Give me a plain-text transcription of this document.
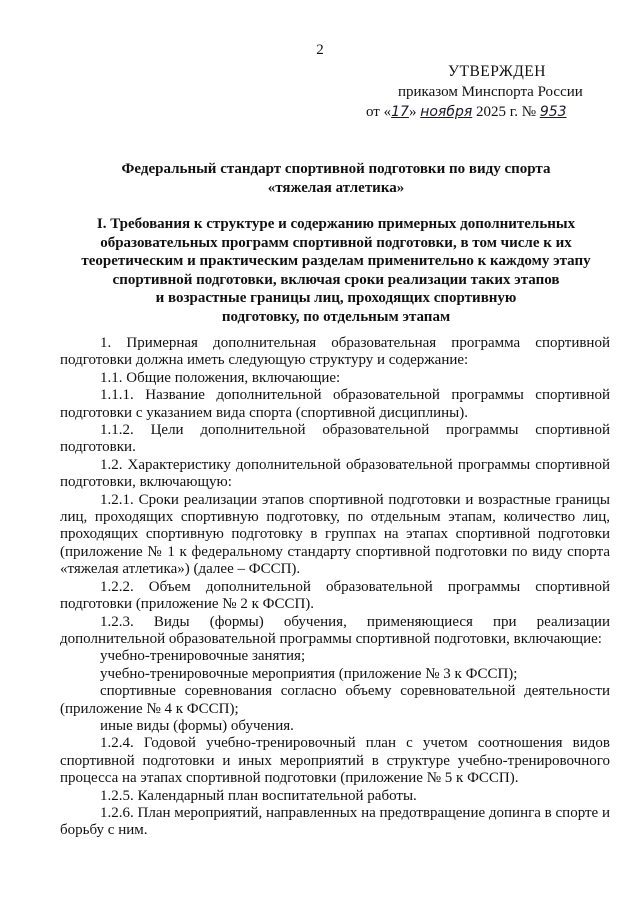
2
УТВЕРЖДЕН
приказом Минспорта России
от «17» ноября 2025 г. № 953
Федеральный стандарт спортивной подготовки по виду спорта
«тяжелая атлетика»
I. Требования к структуре и содержанию примерных дополнительных
образовательных программ спортивной подготовки, в том числе к их
теоретическим и практическим разделам применительно к каждому этапу
спортивной подготовки, включая сроки реализации таких этапов
и возрастные границы лиц, проходящих спортивную
подготовку, по отдельным этапам

1. Примерная дополнительная образовательная программа спортивной подготовки должна иметь следующую структуру и содержание:

1.1. Общие положения, включающие:

1.1.1. Название дополнительной образовательной программы спортивной подготовки с указанием вида спорта (спортивной дисциплины).

1.1.2. Цели дополнительной образовательной программы спортивной подготовки.

1.2. Характеристику дополнительной образовательной программы спортивной подготовки, включающую:

1.2.1. Сроки реализации этапов спортивной подготовки и возрастные границы лиц, проходящих спортивную подготовку, по отдельным этапам, количество лиц, проходящих спортивную подготовку в группах на этапах спортивной подготовки (приложение № 1 к федеральному стандарту спортивной подготовки по виду спорта «тяжелая атлетика») (далее – ФССП).

1.2.2. Объем дополнительной образовательной программы спортивной подготовки (приложение № 2 к ФССП).

1.2.3. Виды (формы) обучения, применяющиеся при реализации дополнительной образовательной программы спортивной подготовки, включающие:

учебно-тренировочные занятия;

учебно-тренировочные мероприятия (приложение № 3 к ФССП);

спортивные соревнования согласно объему соревновательной деятельности (приложение № 4 к ФССП);

иные виды (формы) обучения.

1.2.4. Годовой учебно-тренировочный план с учетом соотношения видов спортивной подготовки и иных мероприятий в структуре учебно-тренировочного процесса на этапах спортивной подготовки (приложение № 5 к ФССП).

1.2.5. Календарный план воспитательной работы.

1.2.6. План мероприятий, направленных на предотвращение допинга в спорте и борьбу с ним.
